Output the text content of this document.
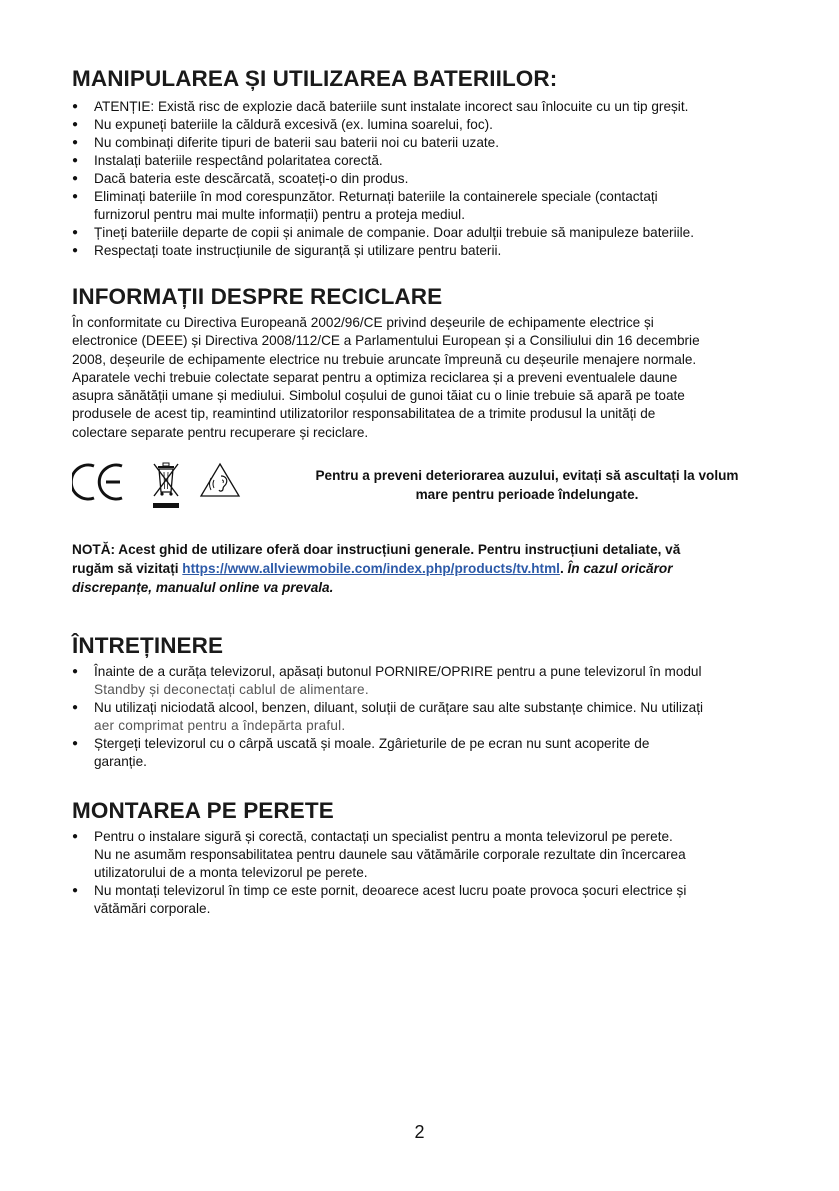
MANIPULAREA ȘI UTILIZAREA BATERIILOR:
● ATENȚIE: Există risc de explozie dacă bateriile sunt instalate incorect sau înlocuite cu un tip greșit.
● Nu expuneți bateriile la căldură excesivă (ex. lumina soarelui, foc).
● Nu combinați diferite tipuri de baterii sau baterii noi cu baterii uzate.
● Instalați bateriile respectând polaritatea corectă.
● Dacă bateria este descărcată, scoateți-o din produs.
● Eliminați bateriile în mod corespunzător. Returnați bateriile la containerele speciale (contactați
furnizorul pentru mai multe informații) pentru a proteja mediul.
● Țineți bateriile departe de copii și animale de companie. Doar adulții trebuie să manipuleze bateriile.
● Respectați toate instrucțiunile de siguranță și utilizare pentru baterii.
INFORMAȚII DESPRE RECICLARE

În conformitate cu Directiva Europeană 2002/96/CE privind deșeurile de echipamente electrice și

electronice (DEEE) și Directiva 2008/112/CE a Parlamentului European și a Consiliului din 16 decembrie

2008, deșeurile de echipamente electrice nu trebuie aruncate împreună cu deșeurile menajere normale.

Aparatele vechi trebuie colectate separat pentru a optimiza reciclarea și a preveni eventualele daune

asupra sănătății umane și mediului. Simbolul coșului de gunoi tăiat cu o linie trebuie să apară pe toate

produsele de acest tip, reamintind utilizatorilor responsabilitatea de a trimite produsul la unități de

colectare separate pentru recuperare și reciclare.

Pentru a preveni deteriorarea auzului, evitați să ascultați la volum
mare pentru perioade îndelungate.
NOTĂ: Acest ghid de utilizare oferă doar instrucțiuni generale. Pentru instrucțiuni detaliate, vă
rugăm să vizitați https://www.allviewmobile.com/index.php/products/tv.html. În cazul oricăror
discrepanțe, manualul online va prevala.
ÎNTREȚINERE
● Înainte de a curăța televizorul, apăsați butonul PORNIRE/OPRIRE pentru a pune televizorul în modul
Standby și deconectați cablul de alimentare.
● Nu utilizați niciodată alcool, benzen, diluant, soluții de curățare sau alte substanțe chimice. Nu utilizați
aer comprimat pentru a îndepărta praful.
● Ștergeți televizorul cu o cârpă uscată și moale. Zgârieturile de pe ecran nu sunt acoperite de
garanție.
MONTAREA PE PERETE
● Pentru o instalare sigură și corectă, contactați un specialist pentru a monta televizorul pe perete.
Nu ne asumăm responsabilitatea pentru daunele sau vătămările corporale rezultate din încercarea
utilizatorului de a monta televizorul pe perete.
● Nu montați televizorul în timp ce este pornit, deoarece acest lucru poate provoca șocuri electrice și
vătămări corporale.
2
